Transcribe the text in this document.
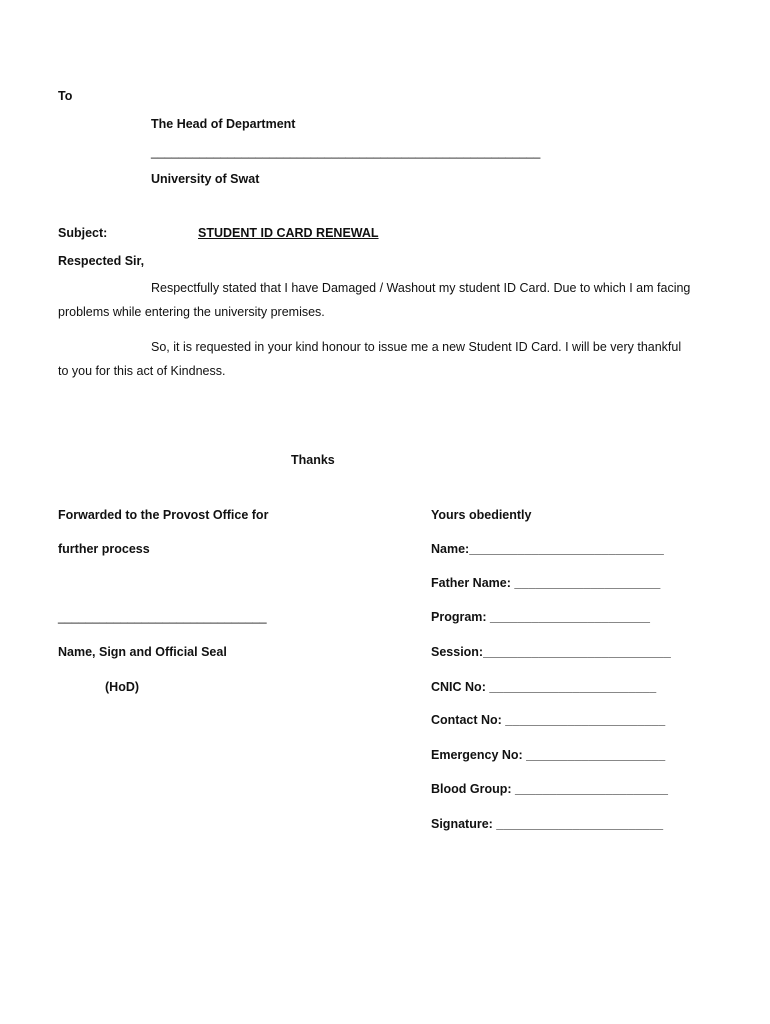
To
The Head of Department
________________________________________________________
University of Swat
Subject:	STUDENT ID CARD RENEWAL
Respected Sir,
Respectfully stated that I have Damaged / Washout my student ID Card. Due to which I am facing
problems while entering the university premises.
So, it is requested in your kind honour to issue me a new Student ID Card. I will be very thankful
to you for this act of Kindness.
Thanks
Forwarded to the Provost Office for
further process
______________________________
Name, Sign and Official Seal
(HoD)
Yours obediently
Name:____________________________
Father Name: _____________________
Program: _______________________
Session:___________________________
CNIC No: ________________________
Contact No: _______________________
Emergency No: ____________________
Blood Group: ______________________
Signature: ________________________
